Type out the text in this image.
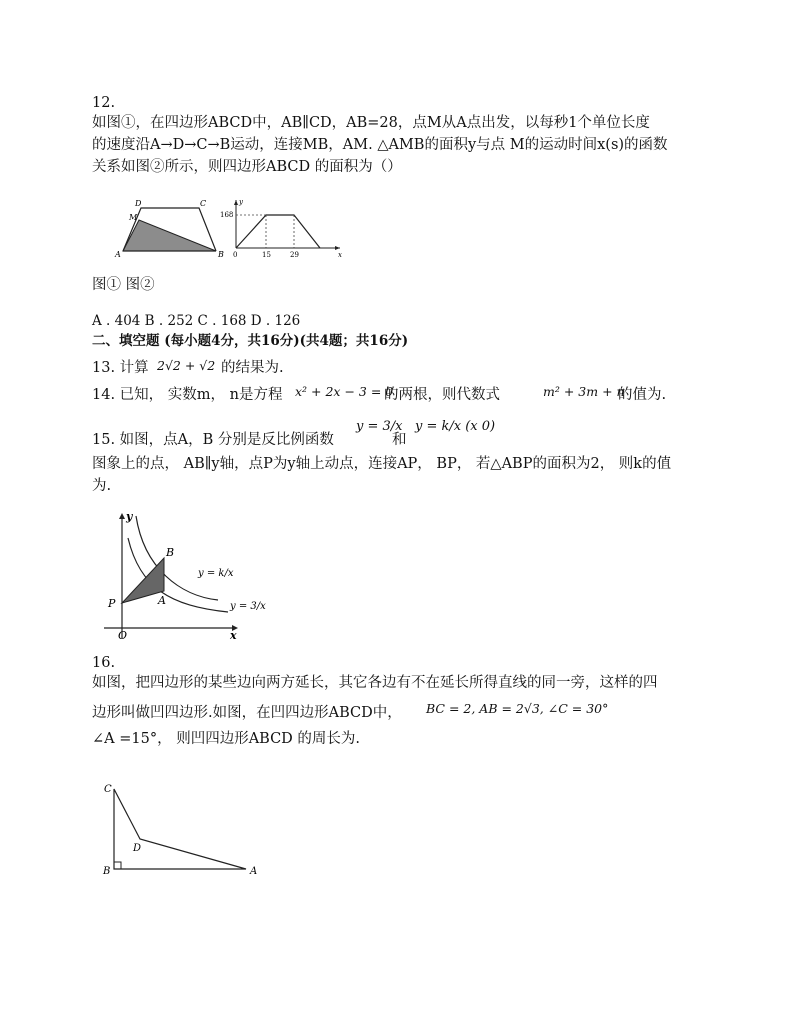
12.
如图①，在四边形ABCD中，AB∥CD，AB=28，点M从A点出发，以每秒1个单位长度
的速度沿A→D→C→B运动，连接MB，AM. △AMB的面积y与点 M的运动时间x(s)的函数
关系如图②所示，则四边形ABCD 的面积为（）
A	B
C
D
M
y
x
0
168
15	29
图① 图②
A . 404 B . 252 C . 168 D . 126
二、填空题 (每小题4分，共16分)(共4题；共16分)
13. 计算 2√2 + √2 的结果为.
14. 已知， 实数m， n是方程 x² + 2x − 3 = 0
的两根，则代数式	m² + 3m + n
的值为.
15. 如图，点A，B 分别是反比例函数
y = 3/x
和
y = k/x (x 0)
图象上的点， AB∥y轴，点P为y轴上动点，连接AP， BP， 若△ABP的面积为2， 则k的值
为.
y
x
O
P	A
B
y = k/x
y = 3/x
16.
如图，把四边形的某些边向两方延长，其它各边有不在延长所得直线的同一旁，这样的四
边形叫做凹四边形.如图，在凹四边形ABCD中， BC = 2, AB = 2√3, ∠C = 30°
∠A =15°， 则凹四边形ABCD 的周长为.
C
B	A
D
